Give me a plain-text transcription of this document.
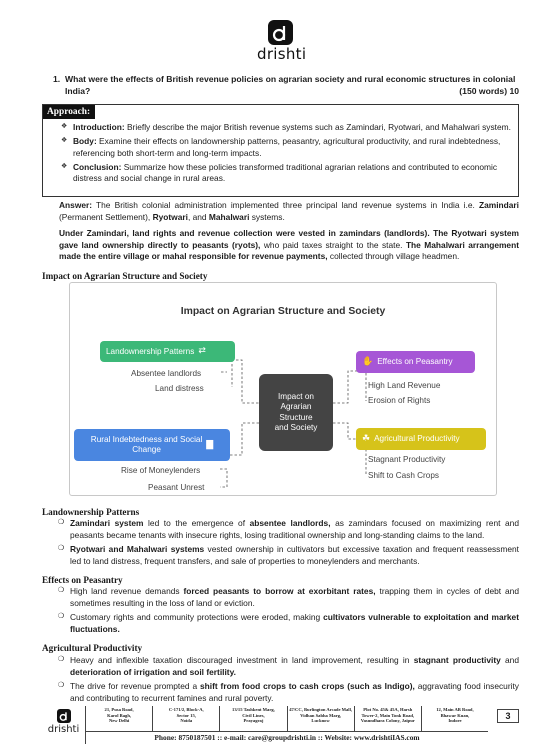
drishti
1. What were the effects of British revenue policies on agrarian society and rural economic structures in colonial India?	(150 words) 10
Approach:
❖ Introduction: Briefly describe the major British revenue systems such as Zamindari, Ryotwari, and Mahalwari system.
❖ Body: Examine their effects on landownership patterns, peasantry, agricultural productivity, and rural indebtedness, referencing both short-term and long-term impacts.
❖ Conclusion: Summarize how these policies transformed traditional agrarian relations and contributed to economic distress and social change in rural areas.
Answer: The British colonial administration implemented three principal land revenue systems in India i.e. Zamindari (Permanent Settlement), Ryotwari, and Mahalwari systems.
Under Zamindari, land rights and revenue collection were vested in zamindars (landlords). The Ryotwari system gave land ownership directly to peasants (ryots), who paid taxes straight to the state. The Mahalwari arrangement made the entire village or mahal responsible for revenue payments, collected through village headmen.
Impact on Agrarian Structure and Society
Impact on Agrarian Structure and Society
Landownership Patterns ⇄
Absentee landlords
Land distress
✋ Effects on Peasantry
High Land Revenue
Erosion of Rights
Impact on
Agrarian
Structure
and Society
Rural Indebtedness and Social
Change	▇
Rise of Moneylenders
Peasant Unrest
☘ Agricultural Productivity
Stagnant Productivity
Shift to Cash Crops
Landownership Patterns
❍ Zamindari system led to the emergence of absentee landlords, as zamindars focused on maximizing rent and peasants became tenants with insecure rights, losing traditional ownership and long-standing claims to the land.
❍ Ryotwari and Mahalwari systems vested ownership in cultivators but excessive taxation and frequent reassessment led to land distress, frequent transfers, and sale of properties to moneylenders and merchants.
Effects on Peasantry
❍ High land revenue demands forced peasants to borrow at exorbitant rates, trapping them in cycles of debt and sometimes resulting in the loss of land or eviction.
❍ Customary rights and community protections were eroded, making cultivators vulnerable to exploitation and market fluctuations.
Agricultural Productivity
❍ Heavy and inflexible taxation discouraged investment in land improvement, resulting in stagnant productivity and deterioration of irrigation and soil fertility.
❍ The drive for revenue prompted a shift from food crops to cash crops (such as Indigo), aggravating food insecurity and contributing to recurrent famines and rural poverty.
drishti
21, Pusa Road,
Karol Bagh,
New Delhi
C-171/2, Block-A,
Sector 15,
Noida
13/15 Tashkent Marg,
Civil Lines,
Prayagraj
47/CC, Burlington Arcade Mall,
Vidhan Sabha Marg,
Lucknow
Plot No. 45& 45A, Harsh
Tower-2, Main Tonk Road,
Vasundhara Colony, Jaipur
12, Main AB Road,
Bhawar Kuan,
Indore
Phone: 8750187501 :: e-mail: care@groupdrishti.in :: Website: www.drishtiIAS.com
3
